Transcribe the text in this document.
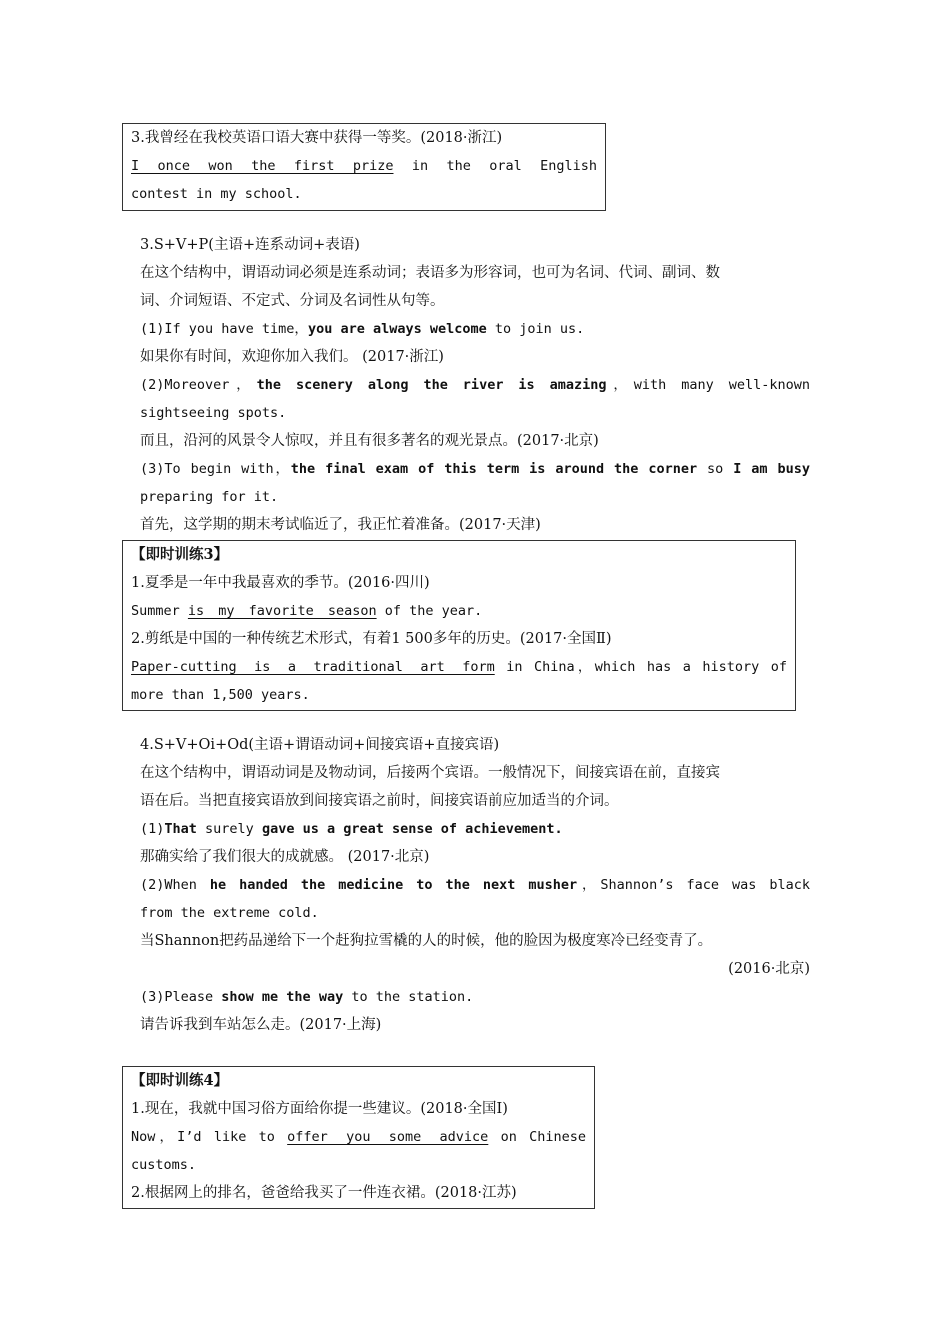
3.我曾经在我校英语口语大赛中获得一等奖。(2018·浙江)
I once won the first prize in the oral English
contest in my school.
3.S+V+P(主语+连系动词+表语)
在这个结构中，谓语动词必须是连系动词；表语多为形容词，也可为名词、代词、副词、数
词、介词短语、不定式、分词及名词性从句等。
(1)If you have time，you are always welcome to join us.
如果你有时间，欢迎你加入我们。 (2017·浙江)
(2)Moreover，the scenery along the river is amazing，with many well-known
sightseeing spots.
而且，沿河的风景令人惊叹，并且有很多著名的观光景点。(2017·北京)
(3)To begin with，the final exam of this term is around the corner so I am busy
preparing for it.
首先，这学期的期末考试临近了，我正忙着准备。(2017·天津)
【即时训练3】
1.夏季是一年中我最喜欢的季节。(2016·四川)
Summer is my favorite season of the year.
2.剪纸是中国的一种传统艺术形式，有着1 500多年的历史。(2017·全国Ⅱ)
Paper-cutting is a traditional art form in China，which has a history of
more than 1,500 years.
4.S+V+Oi+Od(主语+谓语动词+间接宾语+直接宾语)
在这个结构中，谓语动词是及物动词，后接两个宾语。一般情况下，间接宾语在前，直接宾
语在后。当把直接宾语放到间接宾语之前时，间接宾语前应加适当的介词。
(1)That surely gave us a great sense of achievement.
那确实给了我们很大的成就感。 (2017·北京)
(2)When he handed the medicine to the next musher，Shannon’s face was black
from the extreme cold.
当Shannon把药品递给下一个赶狗拉雪橇的人的时候，他的脸因为极度寒冷已经变青了。
(2016·北京)
(3)Please show me the way to the station.
请告诉我到车站怎么走。(2017·上海)
【即时训练4】
1.现在，我就中国习俗方面给你提一些建议。(2018·全国Ⅰ)
Now，I’d like to offer you some advice on Chinese
customs.
2.根据网上的排名，爸爸给我买了一件连衣裙。(2018·江苏)
